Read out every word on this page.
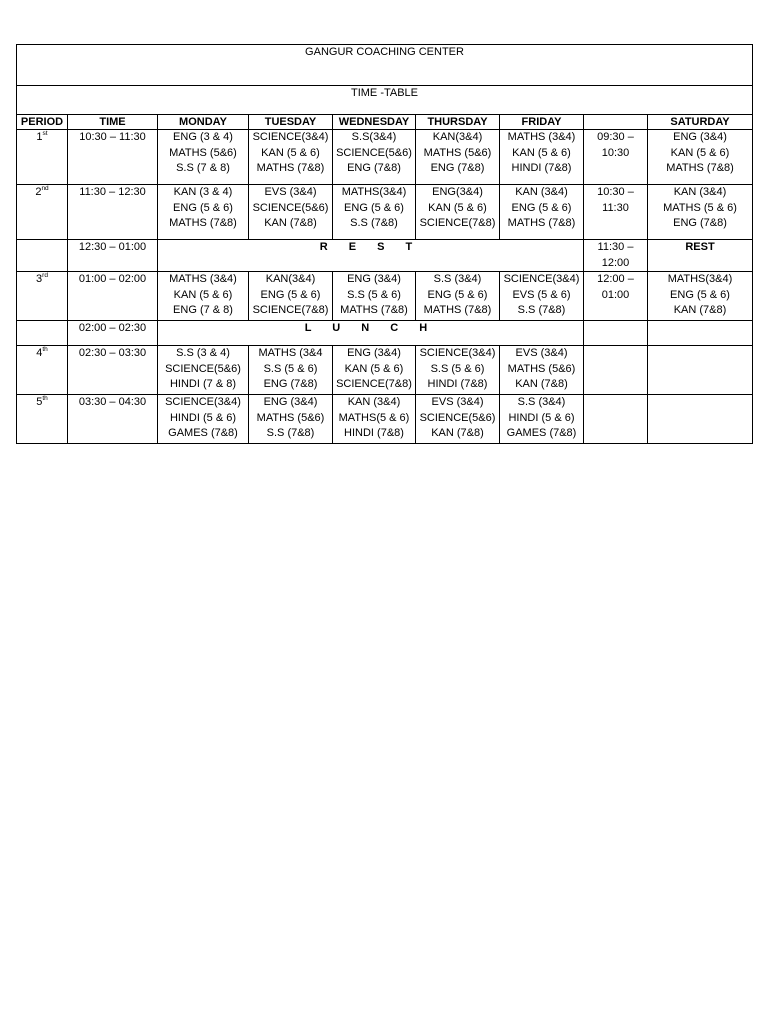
GANGUR COACHING CENTER								
TIME -TABLE								
PERIOD	TIME	MONDAY	TUESDAY	WEDNESDAY	THURSDAY	FRIDAY		SATURDAY
1st	10:30 – 11:30	ENG (3 & 4)
MATHS (5&6)
S.S (7 & 8)	SCIENCE(3&4)
KAN (5 & 6)
MATHS (7&8)	S.S(3&4)
SCIENCE(5&6)
ENG (7&8)	KAN(3&4)
MATHS (5&6)
ENG (7&8)	MATHS (3&4)
KAN (5 & 6)
HINDI (7&8)	09:30 –
10:30	ENG (3&4)
KAN (5 & 6)
MATHS (7&8)

2nd	11:30 – 12:30	KAN (3 & 4)
ENG (5 & 6)
MATHS (7&8)	EVS (3&4)
SCIENCE(5&6)
KAN (7&8)	MATHS(3&4)
ENG (5 & 6)
S.S (7&8)	ENG(3&4)
KAN (5 & 6)
SCIENCE(7&8)	KAN (3&4)
ENG (5 & 6)
MATHS (7&8)	10:30 –
11:30	KAN (3&4)
MATHS (5 & 6)
ENG (7&8)

	12:30 – 01:00	R E S T					11:30 –
12:00	REST
3rd	01:00 – 02:00	MATHS (3&4)
KAN (5 & 6)
ENG (7 & 8)	KAN(3&4)
ENG (5 & 6)
SCIENCE(7&8)	ENG (3&4)
S.S (5 & 6)
MATHS (7&8)	S.S (3&4)
ENG (5 & 6)
MATHS (7&8)	SCIENCE(3&4)
EVS (5 & 6)
S.S (7&8)	12:00 –
01:00	MATHS(3&4)
ENG (5 & 6)
KAN (7&8)

	02:00 – 02:30	L U N C H						
4th	02:30 – 03:30	S.S (3 & 4)
SCIENCE(5&6)
HINDI (7 & 8)	MATHS (3&4
S.S (5 & 6)
ENG (7&8)	ENG (3&4)
KAN (5 & 6)
SCIENCE(7&8)	SCIENCE(3&4)
S.S (5 & 6)
HINDI (7&8)	EVS (3&4)
MATHS (5&6)
KAN (7&8)		

5th	03:30 – 04:30	SCIENCE(3&4)
HINDI (5 & 6)
GAMES (7&8)	ENG (3&4)
MATHS (5&6)
S.S (7&8)	KAN (3&4)
MATHS(5 & 6)
HINDI (7&8)	EVS (3&4)
SCIENCE(5&6)
KAN (7&8)	S.S (3&4)
HINDI (5 & 6)
GAMES (7&8)		
